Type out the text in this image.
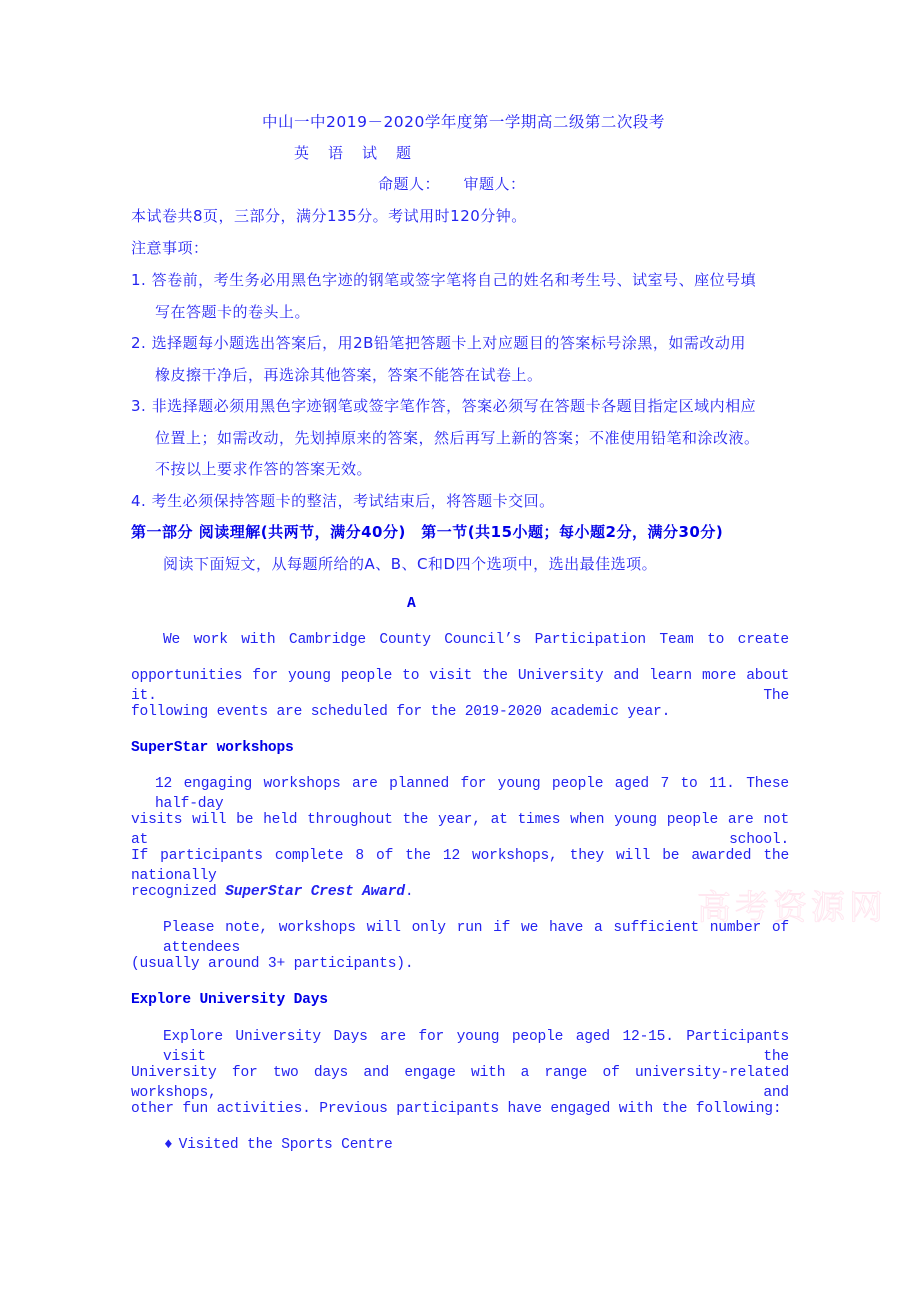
中山一中2019－2020学年度第一学期高二级第二次段考
英　语　试　题
命题人：　　审题人：
本试卷共8页，三部分，满分135分。考试用时120分钟。
注意事项：
1. 答卷前，考生务必用黑色字迹的钢笔或签字笔将自己的姓名和考生号、试室号、座位号填
写在答题卡的卷头上。
2. 选择题每小题选出答案后，用2B铅笔把答题卡上对应题目的答案标号涂黑，如需改动用
橡皮擦干净后，再选涂其他答案，答案不能答在试卷上。
3. 非选择题必须用黑色字迹钢笔或签字笔作答，答案必须写在答题卡各题目指定区域内相应
位置上；如需改动，先划掉原来的答案，然后再写上新的答案；不准使用铅笔和涂改液。
不按以上要求作答的答案无效。
4. 考生必须保持答题卡的整洁，考试结束后，将答题卡交回。
第一部分 阅读理解(共两节，满分40分)　第一节(共15小题；每小题2分，满分30分)
阅读下面短文，从每题所给的A、B、C和D四个选项中，选出最佳选项。
A
We work with Cambridge County Council’s Participation Team to create
opportunities for young people to visit the University and learn more about it. The
following events are scheduled for the 2019-2020 academic year.
SuperStar workshops
12 engaging workshops are planned for young people aged 7 to 11. These half-day
visits will be held throughout the year, at times when young people are not at school.
If participants complete 8 of the 12 workshops, they will be awarded the nationally
recognized SuperStar Crest Award.
Please note, workshops will only run if we have a sufficient number of attendees
(usually around 3+ participants).
Explore University Days
Explore University Days are for young people aged 12-15. Participants visit the
University for two days and engage with a range of university-related workshops, and
other fun activities. Previous participants have engaged with the following:
♦ Visited the Sports Centre
高考资源网
